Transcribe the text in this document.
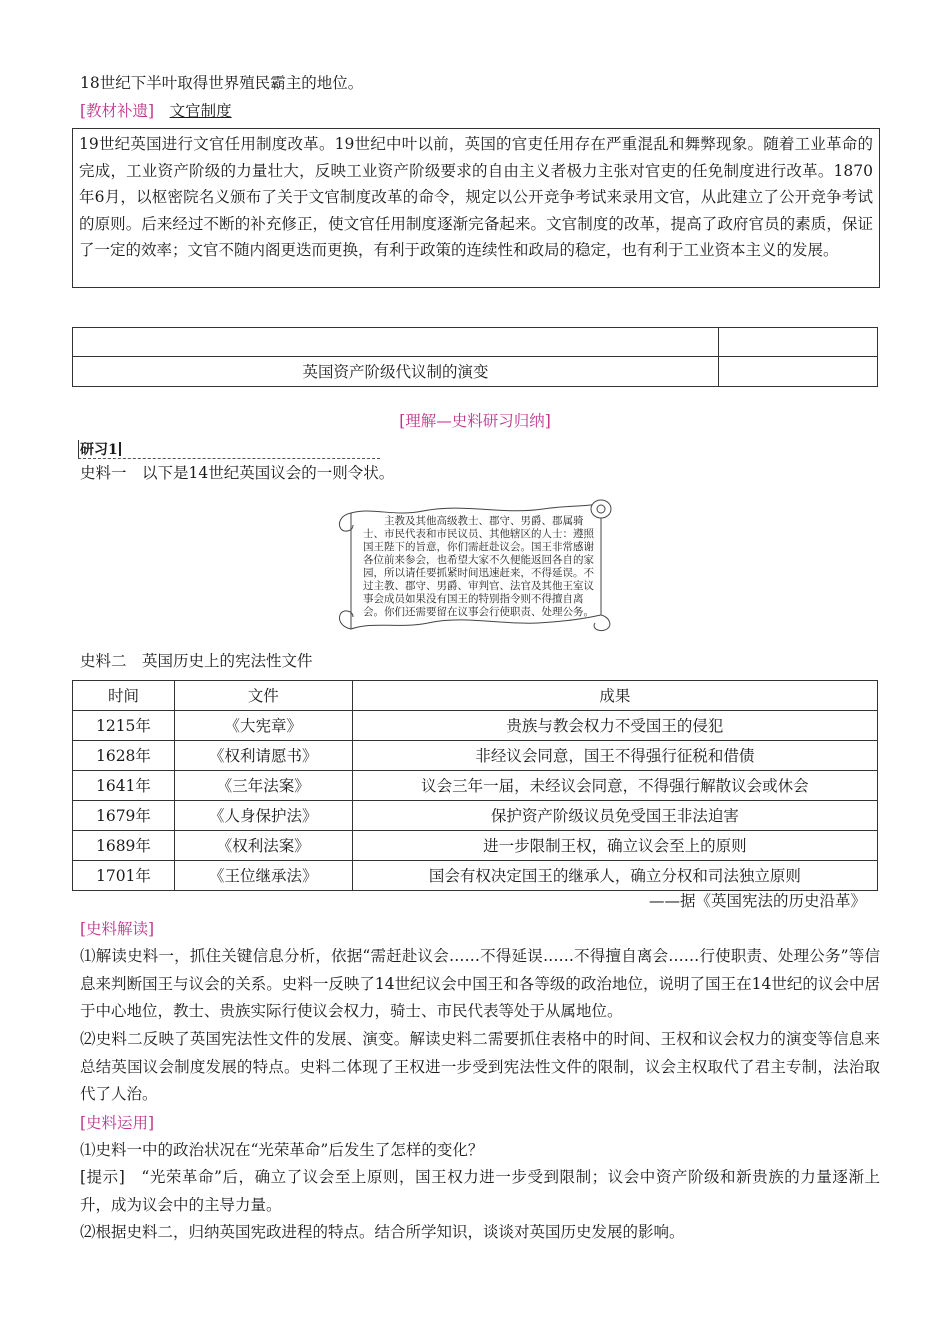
18世纪下半叶取得世界殖民霸主的地位。
[教材补遗]　 文官制度
19世纪英国进行文官任用制度改革。19世纪中叶以前，英国的官吏任用存在严重混乱和舞弊现象。随着工业革命的完成，工业资产阶级的力量壮大，反映工业资产阶级要求的自由主义者极力主张对官吏的任免制度进行改革。1870年6月，以枢密院名义颁布了关于文官制度改革的命令，规定以公开竞争考试来录用文官，从此建立了公开竞争考试的原则。后来经过不断的补充修正，使文官任用制度逐渐完备起来。文官制度的改革，提高了政府官员的素质，保证了一定的效率；文官不随内阁更迭而更换，有利于政策的连续性和政局的稳定，也有利于工业资本主义的发展。
英国资产阶级代议制的演变
[理解—史料研习归纳]
研习1
史料一　以下是14世纪英国议会的一则令状。
主教及其他高级教士、郡守、男爵、郡属骑士、市民代表和市民议员、其他辖区的人士：遵照国王陛下的旨意，你们需赶赴议会。国王非常感谢各位前来参会，也希望大家不久便能返回各自的家园，所以请任要抓紧时间迅速赶来，不得延误。不过主教、郡守、男爵、审判官、法官及其他王室议事会成员如果没有国王的特别指令则不得擅自离会。你们还需要留在议事会行使职责、处理公务。
史料二　英国历史上的宪法性文件
时间	文件	成果
1215年	《大宪章》	贵族与教会权力不受国王的侵犯
1628年	《权利请愿书》	非经议会同意，国王不得强行征税和借债
1641年	《三年法案》	议会三年一届，未经议会同意，不得强行解散议会或休会
1679年	《人身保护法》	保护资产阶级议员免受国王非法迫害
1689年	《权利法案》	进一步限制王权，确立议会至上的原则
1701年	《王位继承法》	国会有权决定国王的继承人，确立分权和司法独立原则
——据《英国宪法的历史沿革》
[史料解读]
⑴解读史料一，抓住关键信息分析，依据“需赶赴议会……不得延误……不得擅自离会……行使职责、处理公务”等信息来判断国王与议会的关系。史料一反映了14世纪议会中国王和各等级的政治地位，说明了国王在14世纪的议会中居于中心地位，教士、贵族实际行使议会权力，骑士、市民代表等处于从属地位。
⑵史料二反映了英国宪法性文件的发展、演变。解读史料二需要抓住表格中的时间、王权和议会权力的演变等信息来总结英国议会制度发展的特点。史料二体现了王权进一步受到宪法性文件的限制，议会主权取代了君主专制，法治取代了人治。
[史料运用]
⑴史料一中的政治状况在“光荣革命”后发生了怎样的变化？
[提示]　“光荣革命”后，确立了议会至上原则，国王权力进一步受到限制；议会中资产阶级和新贵族的力量逐渐上升，成为议会中的主导力量。
⑵根据史料二，归纳英国宪政进程的特点。结合所学知识，谈谈对英国历史发展的影响。
